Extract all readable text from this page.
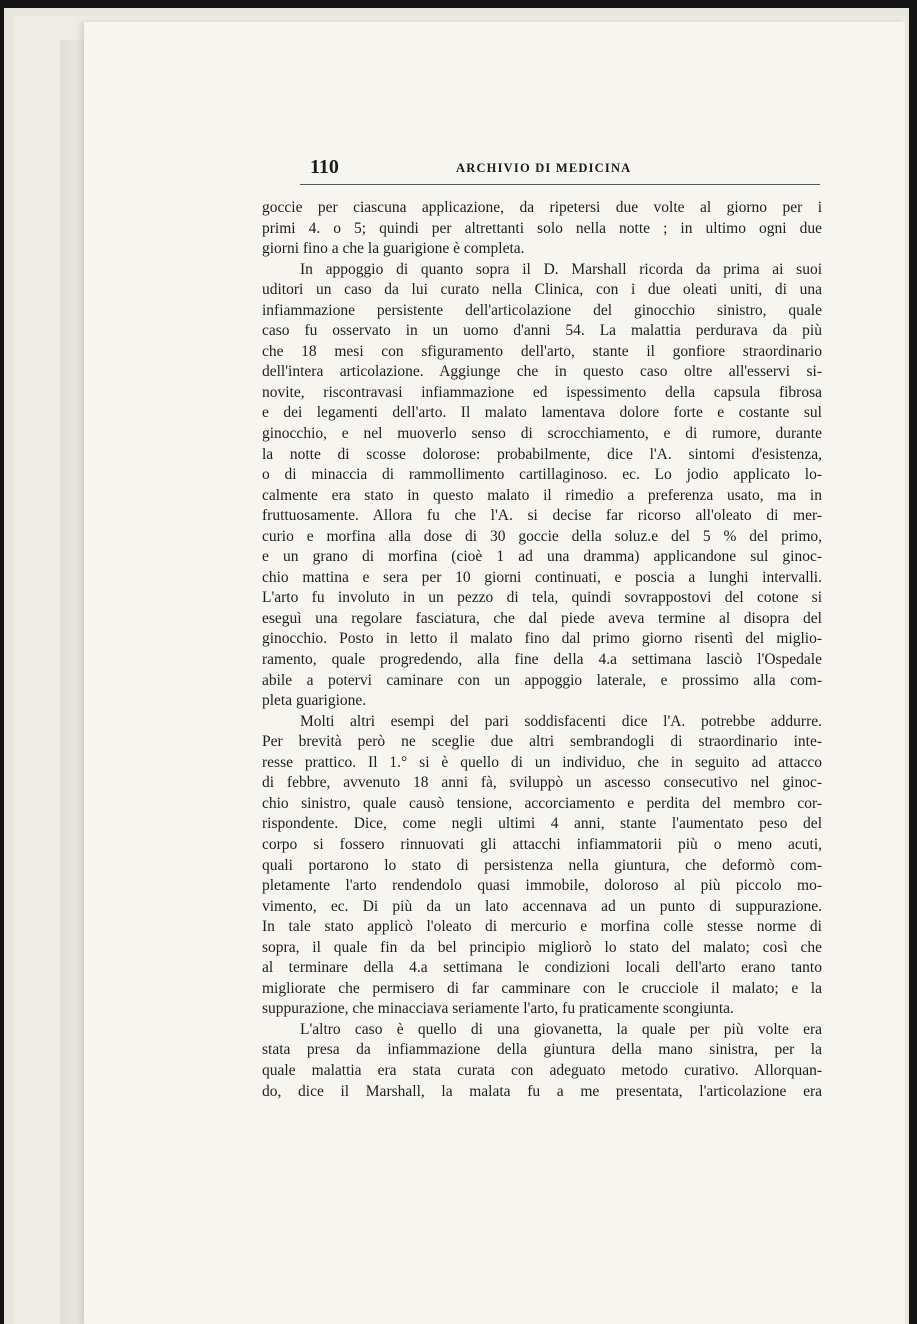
110	ARCHIVIO DI MEDICINA
goccie per ciascuna applicazione, da ripetersi due volte al giorno per i
primi 4. o 5; quindi per altrettanti solo nella notte ; in ultimo ogni due
giorni fino a che la guarigione è completa.
In appoggio di quanto sopra il D. Marshall ricorda da prima ai suoi
uditori un caso da lui curato nella Clinica, con i due oleati uniti, di una
infiammazione persistente dell'articolazione del ginocchio sinistro, quale
caso fu osservato in un uomo d'anni 54. La malattia perdurava da più
che 18 mesi con sfiguramento dell'arto, stante il gonfiore straordinario
dell'intera articolazione. Aggiunge che in questo caso oltre all'esservi si-
novite, riscontravasi infiammazione ed ispessimento della capsula fibrosa
e dei legamenti dell'arto. Il malato lamentava dolore forte e costante sul
ginocchio, e nel muoverlo senso di scrocchiamento, e di rumore, durante
la notte di scosse dolorose: probabilmente, dice l'A. sintomi d'esistenza,
o di minaccia di rammollimento cartillaginoso. ec. Lo jodio applicato lo-
calmente era stato in questo malato il rimedio a preferenza usato, ma in
fruttuosamente. Allora fu che l'A. si decise far ricorso all'oleato di mer-
curio e morfina alla dose di 30 goccie della soluz.e del 5 % del primo,
e un grano di morfina (cioè 1 ad una dramma) applicandone sul ginoc-
chio mattina e sera per 10 giorni continuati, e poscia a lunghi intervalli.
L'arto fu involuto in un pezzo di tela, quindi sovrappostovi del cotone si
eseguì una regolare fasciatura, che dal piede aveva termine al disopra del
ginocchio. Posto in letto il malato fino dal primo giorno risentì del miglio-
ramento, quale progredendo, alla fine della 4.a settimana lasciò l'Ospedale
abile a potervi caminare con un appoggio laterale, e prossimo alla com-
pleta guarigione.
Molti altri esempi del pari soddisfacenti dice l'A. potrebbe addurre.
Per brevità però ne sceglie due altri sembrandogli di straordinario inte-
resse prattico. Il 1.° si è quello di un individuo, che in seguito ad attacco
di febbre, avvenuto 18 anni fà, sviluppò un ascesso consecutivo nel ginoc-
chio sinistro, quale causò tensione, accorciamento e perdita del membro cor-
rispondente. Dice, come negli ultimi 4 anni, stante l'aumentato peso del
corpo si fossero rinnuovati gli attacchi infiammatorii più o meno acuti,
quali portarono lo stato di persistenza nella giuntura, che deformò com-
pletamente l'arto rendendolo quasi immobile, doloroso al più piccolo mo-
vimento, ec. Di più da un lato accennava ad un punto di suppurazione.
In tale stato applicò l'oleato di mercurio e morfina colle stesse norme di
sopra, il quale fin da bel principio migliorò lo stato del malato; così che
al terminare della 4.a settimana le condizioni locali dell'arto erano tanto
migliorate che permisero di far camminare con le crucciole il malato; e la
suppurazione, che minacciava seriamente l'arto, fu praticamente scongiunta.
L'altro caso è quello di una giovanetta, la quale per più volte era
stata presa da infiammazione della giuntura della mano sinistra, per la
quale malattia era stata curata con adeguato metodo curativo. Allorquan-
do, dice il Marshall, la malata fu a me presentata, l'articolazione era
